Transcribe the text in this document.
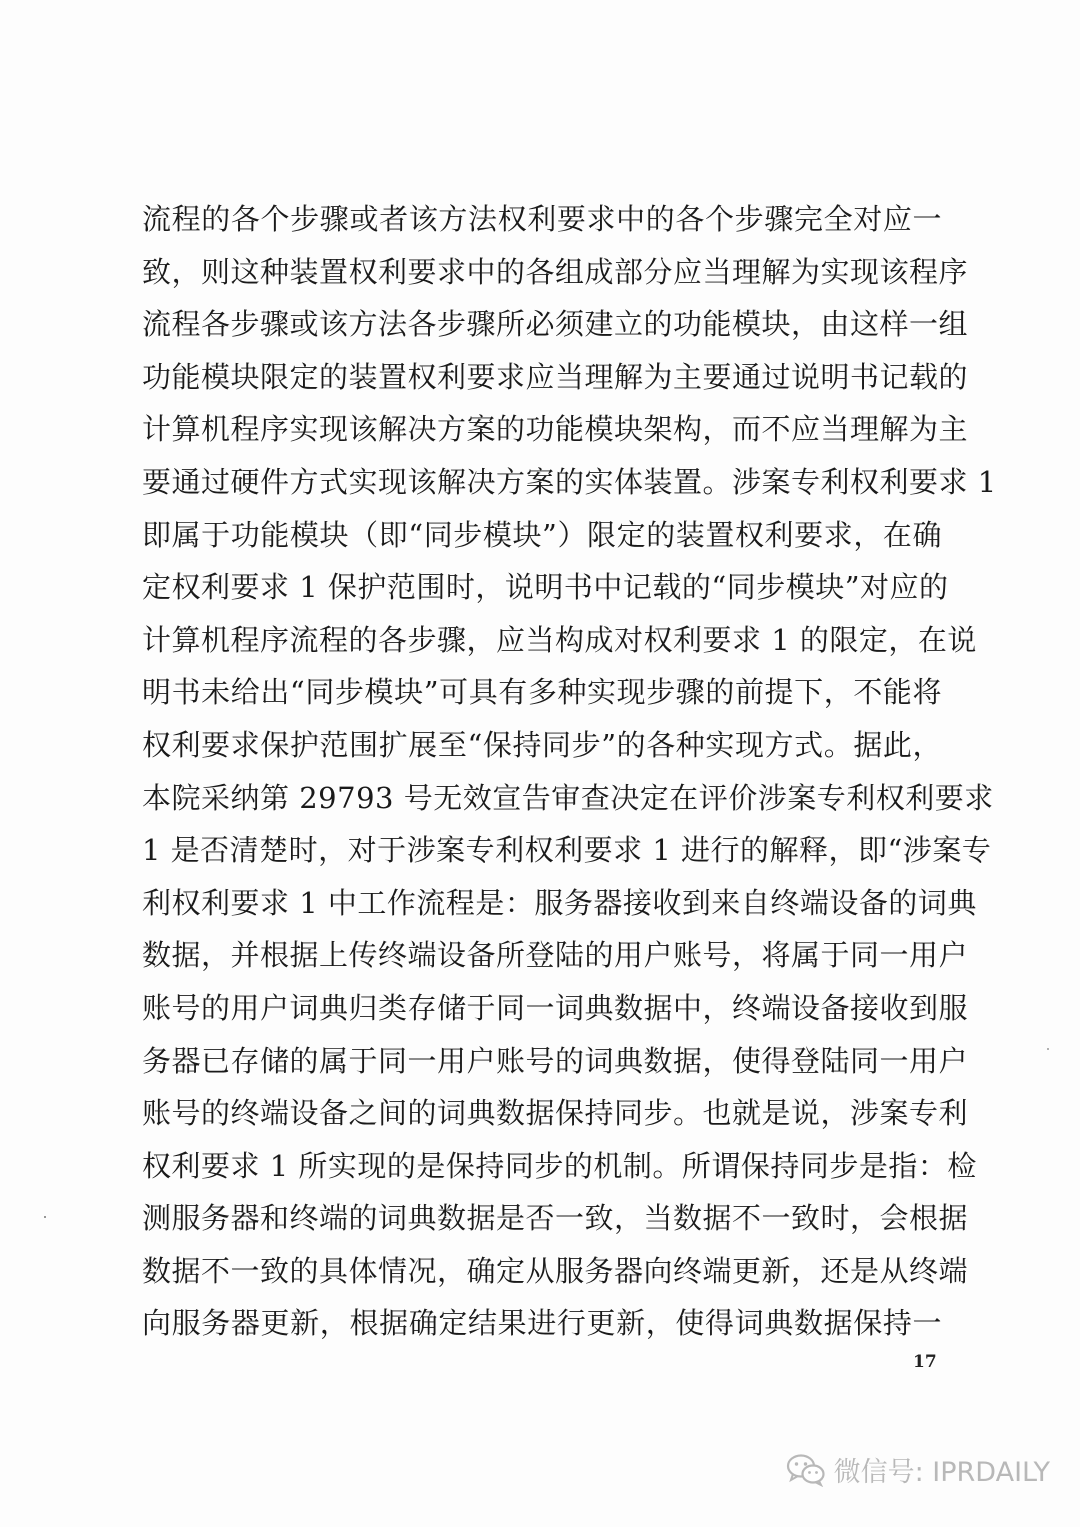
流程的各个步骤或者该方法权利要求中的各个步骤完全对应一
致，则这种装置权利要求中的各组成部分应当理解为实现该程序
流程各步骤或该方法各步骤所必须建立的功能模块，由这样一组
功能模块限定的装置权利要求应当理解为主要通过说明书记载的
计算机程序实现该解决方案的功能模块架构，而不应当理解为主
要通过硬件方式实现该解决方案的实体装置。涉案专利权利要求 1
即属于功能模块（即“同步模块”）限定的装置权利要求，在确
定权利要求 1 保护范围时，说明书中记载的“同步模块”对应的
计算机程序流程的各步骤，应当构成对权利要求 1 的限定，在说
明书未给出“同步模块”可具有多种实现步骤的前提下，不能将
权利要求保护范围扩展至“保持同步”的各种实现方式。据此，
本院采纳第 29793 号无效宣告审查决定在评价涉案专利权利要求
1 是否清楚时，对于涉案专利权利要求 1 进行的解释，即“涉案专
利权利要求 1 中工作流程是：服务器接收到来自终端设备的词典
数据，并根据上传终端设备所登陆的用户账号，将属于同一用户
账号的用户词典归类存储于同一词典数据中，终端设备接收到服
务器已存储的属于同一用户账号的词典数据，使得登陆同一用户
账号的终端设备之间的词典数据保持同步。也就是说，涉案专利
权利要求 1 所实现的是保持同步的机制。所谓保持同步是指：检
测服务器和终端的词典数据是否一致，当数据不一致时，会根据
数据不一致的具体情况，确定从服务器向终端更新，还是从终端
向服务器更新，根据确定结果进行更新，使得词典数据保持一
17
微信号: IPRDAILY
